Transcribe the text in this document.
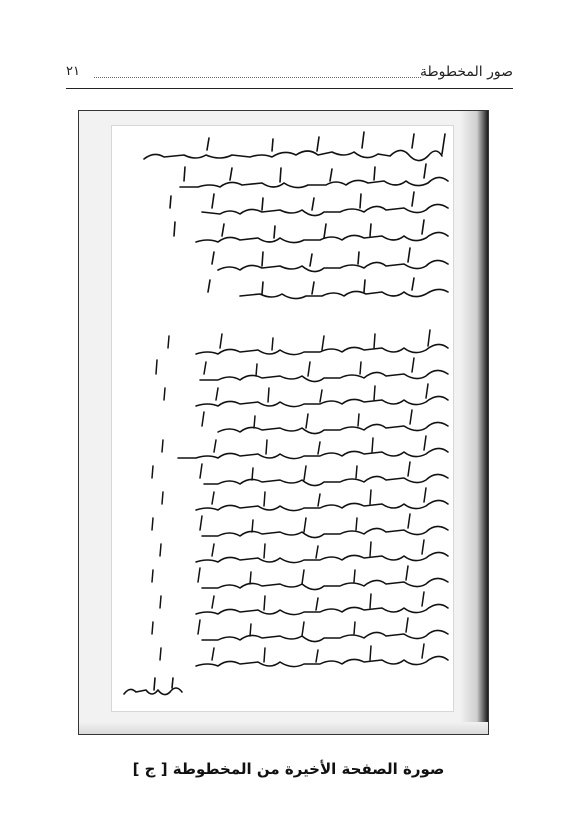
صور المخطوطة
٢١
صورة الصفحة الأخيرة من المخطوطة [ ج ]
